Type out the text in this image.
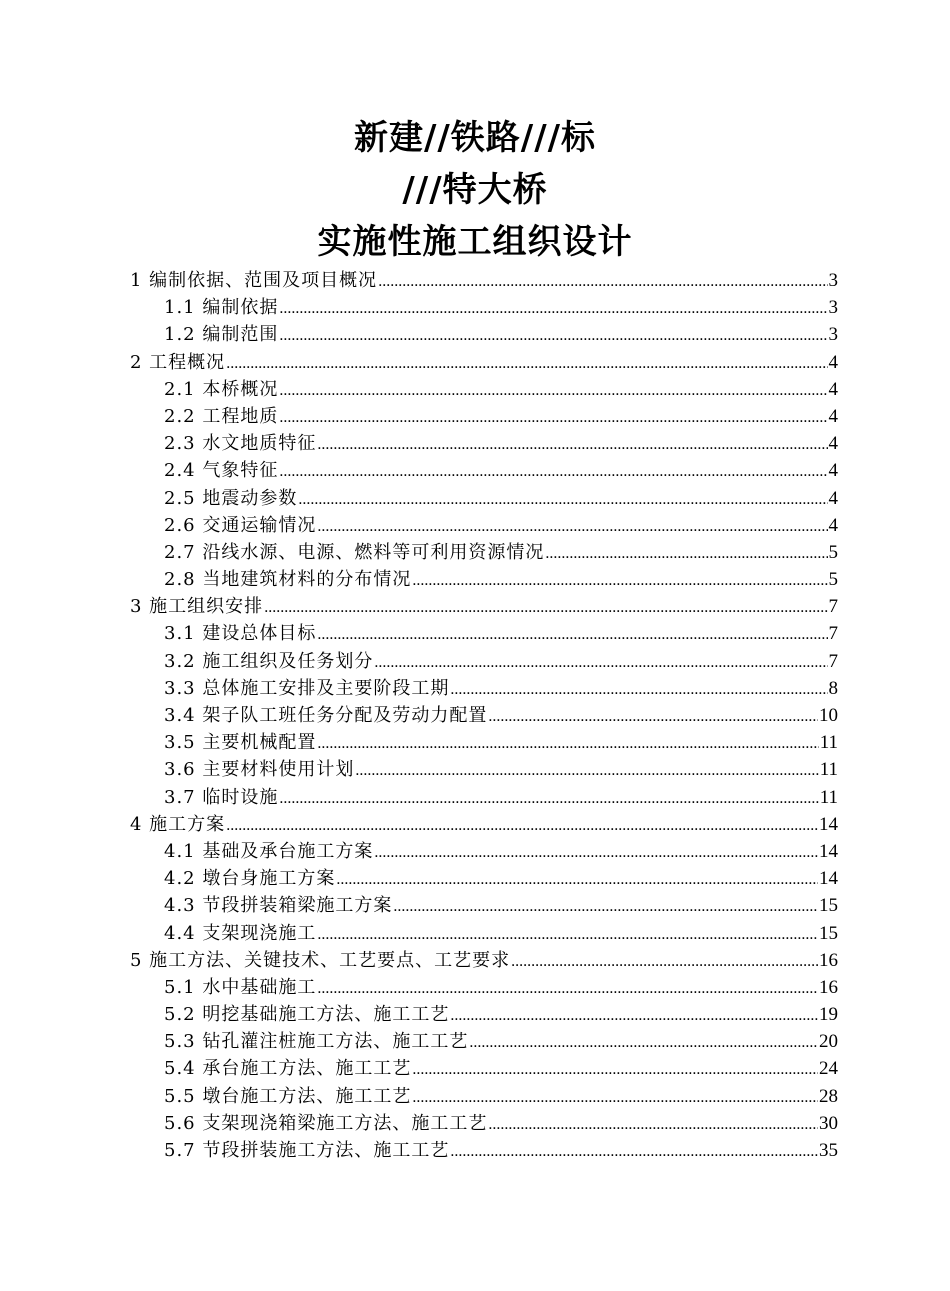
新建//铁路///标
///特大桥
实施性施工组织设计
1 编制依据、范围及项目概况 .....	3
1.1 编制依据 .....	3
1.2 编制范围 .....	3
2 工程概况 .....	4
2.1 本桥概况 .....	4
2.2 工程地质 .....	4
2.3 水文地质特征 .....	4
2.4 气象特征 .....	4
2.5 地震动参数 .....	4
2.6 交通运输情况 .....	4
2.7 沿线水源、电源、燃料等可利用资源情况 .....	5
2.8 当地建筑材料的分布情况 .....	5
3 施工组织安排 .....	7
3.1 建设总体目标 .....	7
3.2 施工组织及任务划分 .....	7
3.3 总体施工安排及主要阶段工期 .....	8
3.4 架子队工班任务分配及劳动力配置 .....	10
3.5 主要机械配置 .....	11
3.6 主要材料使用计划 .....	11
3.7 临时设施 .....	11
4 施工方案 .....	14
4.1 基础及承台施工方案 .....	14
4.2 墩台身施工方案 .....	14
4.3 节段拼装箱梁施工方案 .....	15
4.4 支架现浇施工 .....	15
5 施工方法、关键技术、工艺要点、工艺要求 .....	16
5.1 水中基础施工 .....	16
5.2 明挖基础施工方法、施工工艺 .....	19
5.3 钻孔灌注桩施工方法、施工工艺 .....	20
5.4 承台施工方法、施工工艺 .....	24
5.5 墩台施工方法、施工工艺 .....	28
5.6 支架现浇箱梁施工方法、施工工艺 .....	30
5.7 节段拼装施工方法、施工工艺 .....	35
